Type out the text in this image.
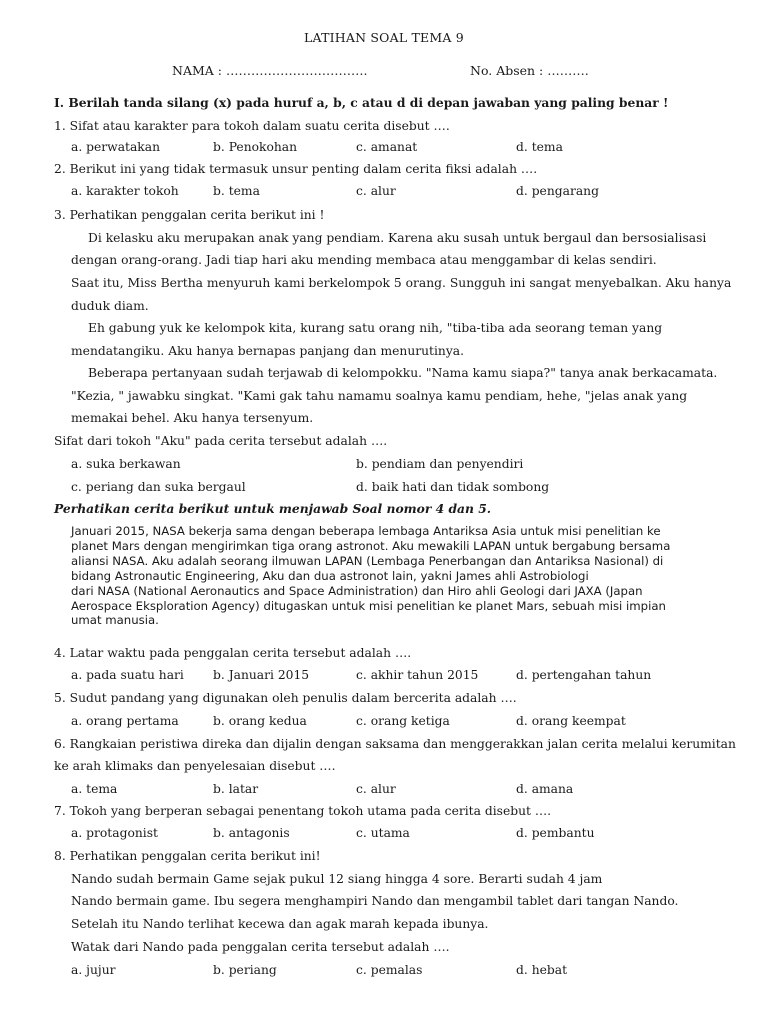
LATIHAN SOAL TEMA 9
NAMA : …………………………….	No. Absen : ……….
I. Berilah tanda silang (x) pada huruf a, b, c atau d di depan jawaban yang paling benar !
1. Sifat atau karakter para tokoh dalam suatu cerita disebut ….
a. perwatakan	b. Penokohan	c. amanat	d. tema
2. Berikut ini yang tidak termasuk unsur penting dalam cerita fiksi adalah ….
a. karakter tokoh	b. tema	c. alur	d. pengarang
3. Perhatikan penggalan cerita berikut ini !
Di kelasku aku merupakan anak yang pendiam. Karena aku susah untuk bergaul dan bersosialisasi
dengan orang-orang. Jadi tiap hari aku mending membaca atau menggambar di kelas sendiri.
Saat itu, Miss Bertha menyuruh kami berkelompok 5 orang. Sungguh ini sangat menyebalkan. Aku hanya
duduk diam.
Eh gabung yuk ke kelompok kita, kurang satu orang nih, "tiba-tiba ada seorang teman yang
mendatangiku. Aku hanya bernapas panjang dan menurutinya.
Beberapa pertanyaan sudah terjawab di kelompokku. "Nama kamu siapa?" tanya anak berkacamata.
"Kezia, " jawabku singkat. "Kami gak tahu namamu soalnya kamu pendiam, hehe, "jelas anak yang
memakai behel. Aku hanya tersenyum.
Sifat dari tokoh "Aku" pada cerita tersebut adalah ….
a. suka berkawan	b. pendiam dan penyendiri
c. periang dan suka bergaul	d. baik hati dan tidak sombong
Perhatikan cerita berikut untuk menjawab Soal nomor 4 dan 5.
Januari 2015, NASA bekerja sama dengan beberapa lembaga Antariksa Asia untuk misi penelitian ke
planet Mars dengan mengirimkan tiga orang astronot. Aku mewakili LAPAN untuk bergabung bersama
aliansi NASA. Aku adalah seorang ilmuwan LAPAN (Lembaga Penerbangan dan Antariksa Nasional) di
bidang Astronautic Engineering, Aku dan dua astronot lain, yakni James ahli Astrobiologi
dari NASA (National Aeronautics and Space Administration) dan Hiro ahli Geologi dari JAXA (Japan
Aerospace Eksploration Agency) ditugaskan untuk misi penelitian ke planet Mars, sebuah misi impian
umat manusia.
4. Latar waktu pada penggalan cerita tersebut adalah ….
a. pada suatu hari b. Januari 2015	c. akhir tahun 2015	d. pertengahan tahun
5. Sudut pandang yang digunakan oleh penulis dalam bercerita adalah ….
a. orang pertama	b. orang kedua	c. orang ketiga	d. orang keempat
6. Rangkaian peristiwa direka dan dijalin dengan saksama dan menggerakkan jalan cerita melalui kerumitan
ke arah klimaks dan penyelesaian disebut ….
a. tema	b. latar	c. alur	d. amana
7. Tokoh yang berperan sebagai penentang tokoh utama pada cerita disebut ….
a. protagonist	b. antagonis	c. utama	d. pembantu
8. Perhatikan penggalan cerita berikut ini!
Nando sudah bermain Game sejak pukul 12 siang hingga 4 sore. Berarti sudah 4 jam
Nando bermain game. Ibu segera menghampiri Nando dan mengambil tablet dari tangan Nando.
Setelah itu Nando terlihat kecewa dan agak marah kepada ibunya.
Watak dari Nando pada penggalan cerita tersebut adalah ….
a. jujur	b. periang	c. pemalas	d. hebat
